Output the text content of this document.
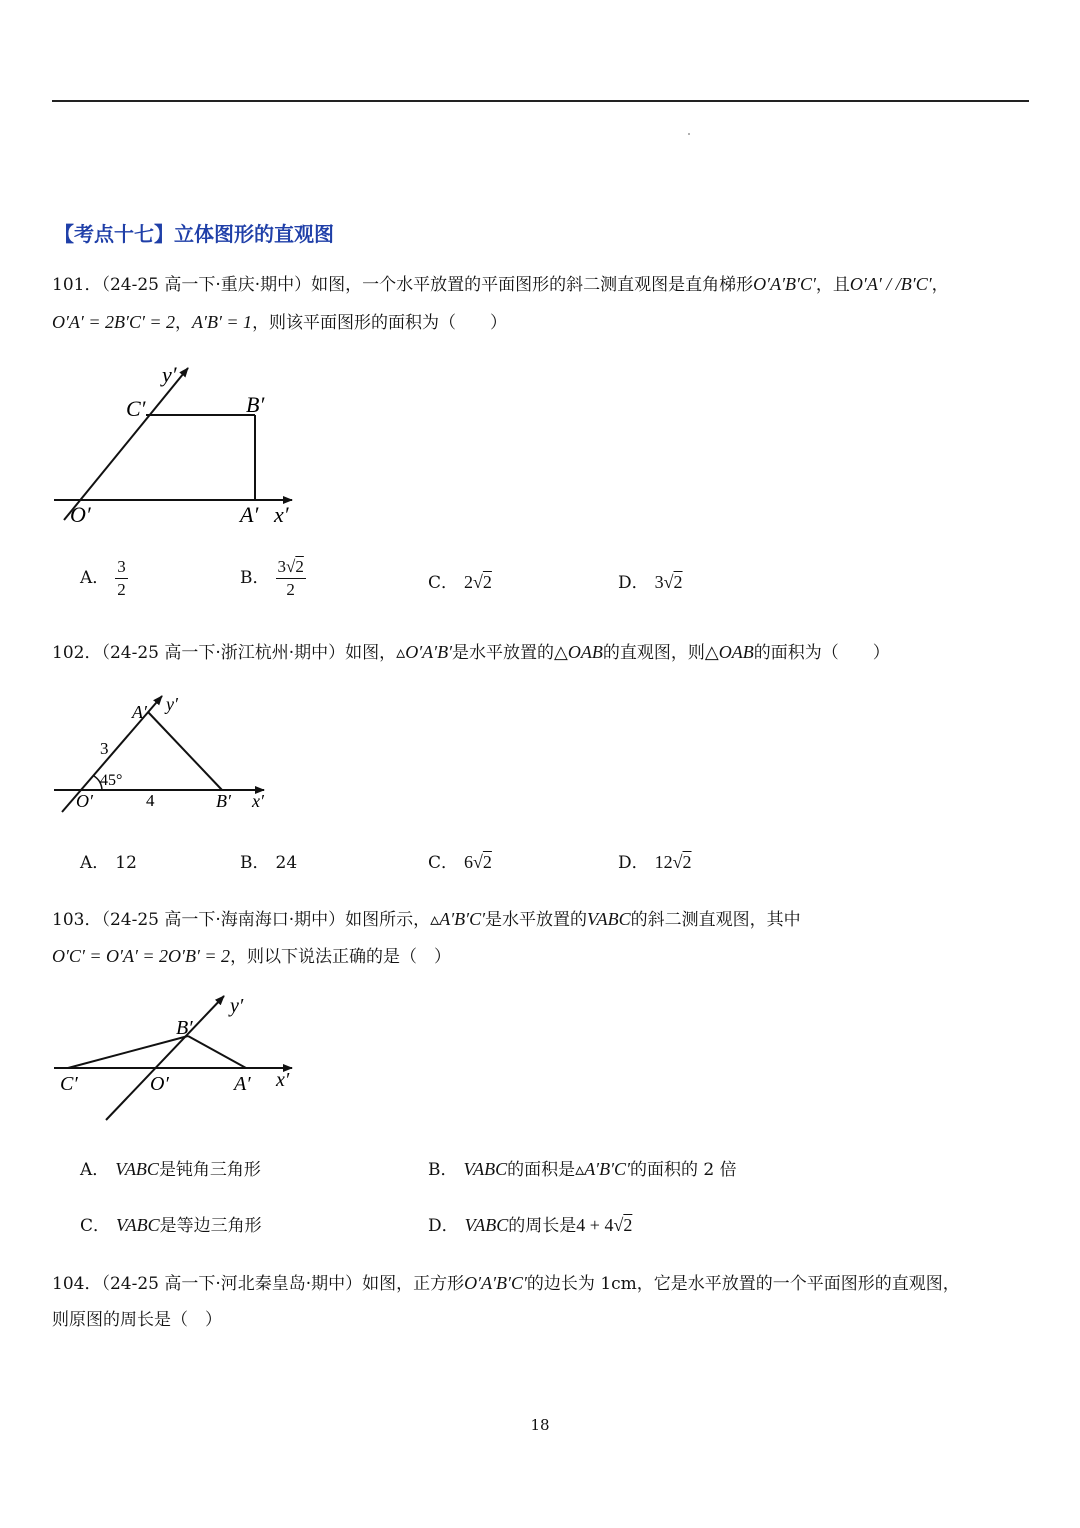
【考点十七】立体图形的直观图
101．（24-25 高一下·重庆·期中）如图，一个水平放置的平面图形的斜二测直观图是直角梯形O′A′B′C′，且O′A′ / /B′C′，
O′A′ = 2B′C′ = 2，A′B′ = 1，则该平面图形的面积为（　　）
y′
C′	B′
O′	A′ x′
A． $\frac{3}{2}$	B． $\frac{3√2}{2}$	C． 2√2	D． 3√2
102．（24-25 高一下·浙江杭州·期中）如图，▵O′A′B′是水平放置的△OAB的直观图，则△OAB的面积为（　　）
A′ y′
3
45°
O′	4	B′ x′
A． 12	B． 24	C． 6√2	D． 12√2
103．（24-25 高一下·海南海口·期中）如图所示，▵A′B′C′是水平放置的VABC的斜二测直观图，其中
O′C′ = O′A′ = 2O′B′ = 2，则以下说法正确的是（　）
y′
B′
C′	O′	A′ x′
A． VABC是钝角三角形	B． VABC的面积是▵A′B′C′的面积的 2 倍
C． VABC是等边三角形	D． VABC的周长是4 + 4√2
104．（24-25 高一下·河北秦皇岛·期中）如图，正方形O′A′B′C′的边长为 1cm，它是水平放置的一个平面图形的直观图，
则原图的周长是（　）
18
